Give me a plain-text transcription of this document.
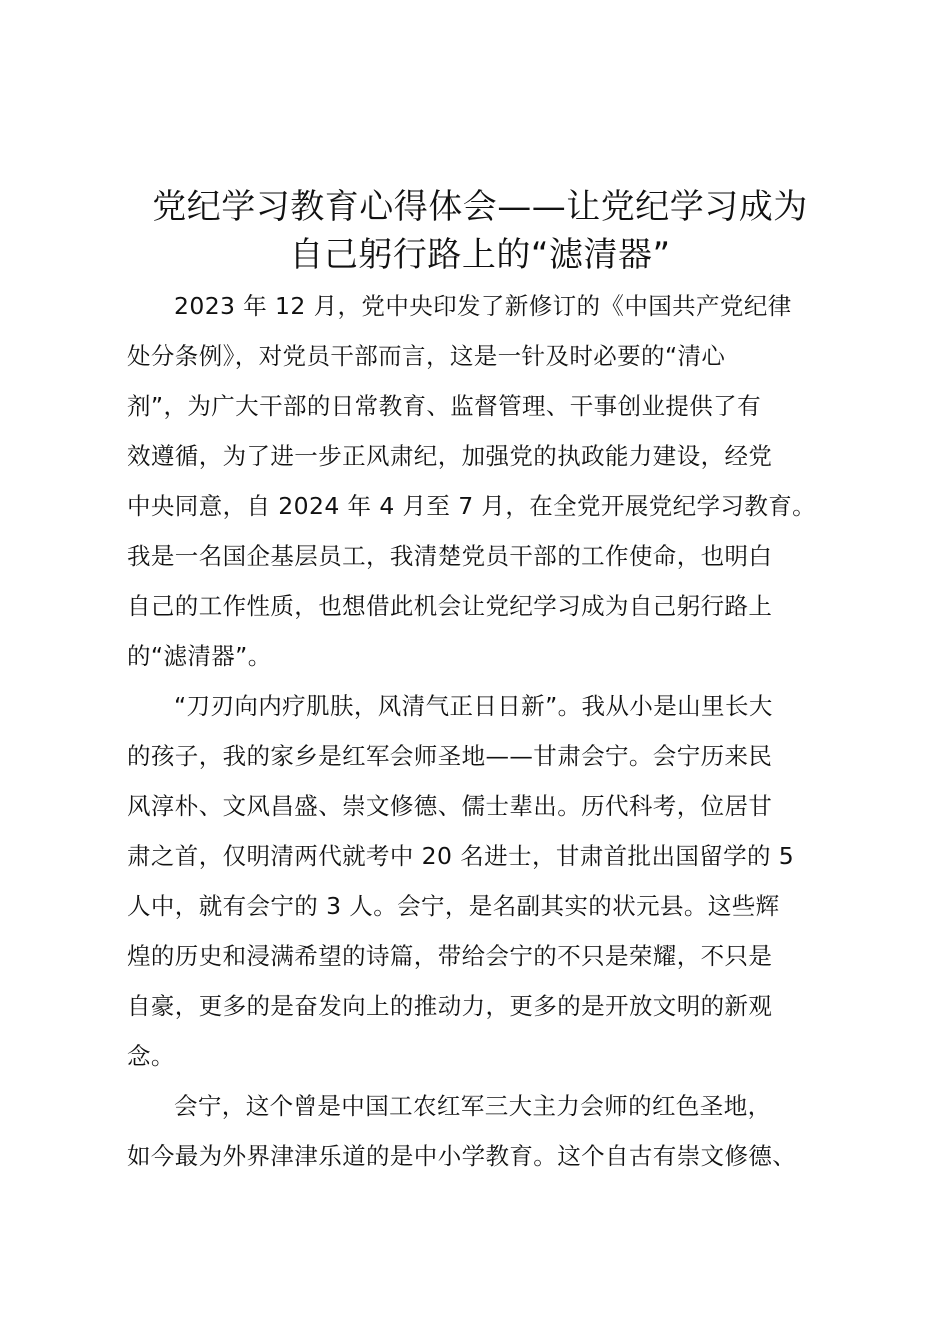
党纪学习教育心得体会——让党纪学习成为
自己躬行路上的“滤清器”
2023 年 12 月，党中央印发了新修订的《中国共产党纪律
处分条例》，对党员干部而言，这是一针及时必要的“清心
剂”，为广大干部的日常教育、监督管理、干事创业提供了有
效遵循，为了进一步正风肃纪，加强党的执政能力建设，经党
中央同意，自 2024 年 4 月至 7 月，在全党开展党纪学习教育。
我是一名国企基层员工，我清楚党员干部的工作使命，也明白
自己的工作性质，也想借此机会让党纪学习成为自己躬行路上
的“滤清器”。
“刀刃向内疗肌肤，风清气正日日新”。我从小是山里长大
的孩子，我的家乡是红军会师圣地——甘肃会宁。会宁历来民
风淳朴、文风昌盛、崇文修德、儒士辈出。历代科考，位居甘
肃之首，仅明清两代就考中 20 名进士，甘肃首批出国留学的 5
人中，就有会宁的 3 人。会宁，是名副其实的状元县。这些辉
煌的历史和浸满希望的诗篇，带给会宁的不只是荣耀，不只是
自豪，更多的是奋发向上的推动力，更多的是开放文明的新观
念。
会宁，这个曾是中国工农红军三大主力会师的红色圣地，
如今最为外界津津乐道的是中小学教育。这个自古有崇文修德、
